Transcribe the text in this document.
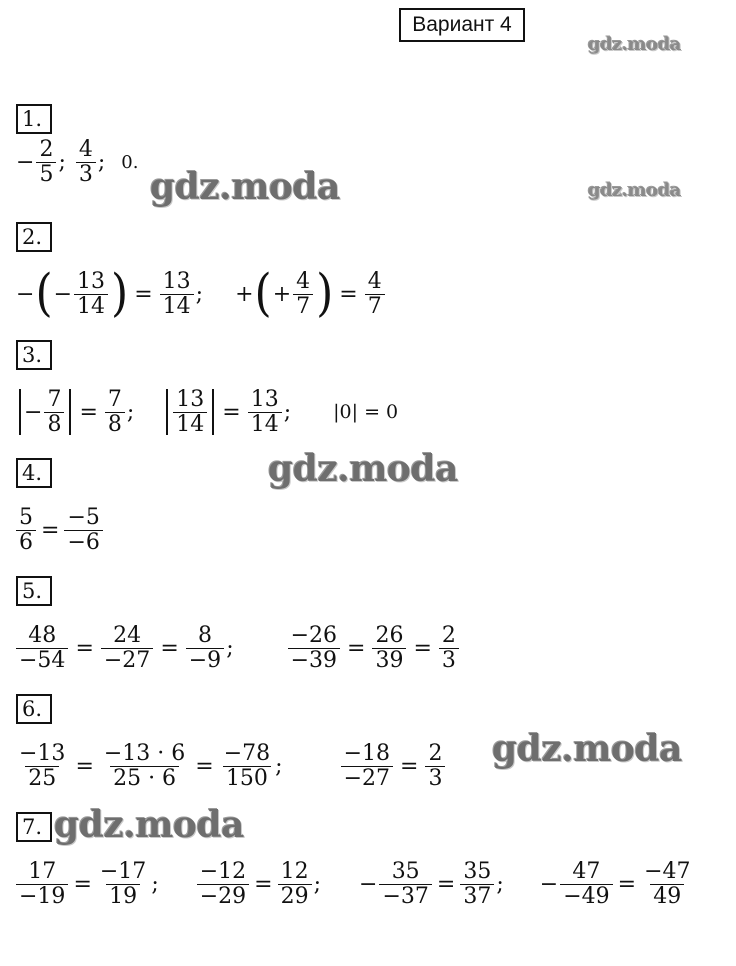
Вариант 4
gdz.moda
gdz.moda	gdz.moda
gdz.moda
gdz.moda
gdz.moda
1.
− $\frac{2}{5}$ ; $\frac{4}{3}$ ; 0.
2.
− ( − $\frac{13}{14}$ ) = $\frac{13}{14}$ ; + ( + $\frac{4}{7}$ ) = $\frac{4}{7}$
3.
− $\frac{7}{8} = \frac{7}{8}$ ; $\frac{13}{14} = \frac{13}{14}$ ; |0| = 0
4.
$\frac{5}{6} = \frac{-5}{-6}$
5.
$\frac{48}{-54} = \frac{24}{-27} = \frac{8}{-9}$ ; $\frac{-26}{-39} = \frac{26}{39} = \frac{2}{3}$
6.
$\frac{-13}{25} = \frac{-13 \cdot 6}{25 \cdot 6} = \frac{-78}{150}$ ;	$\frac{-18}{-27} = \frac{2}{3}$
7.
$\frac{17}{-19} = \frac{-17}{19}$ ; $\frac{-12}{-29} = \frac{12}{29}$ ; − $\frac{35}{-37} = \frac{35}{37}$ ; − $\frac{47}{-49} = \frac{-47}{49}$
